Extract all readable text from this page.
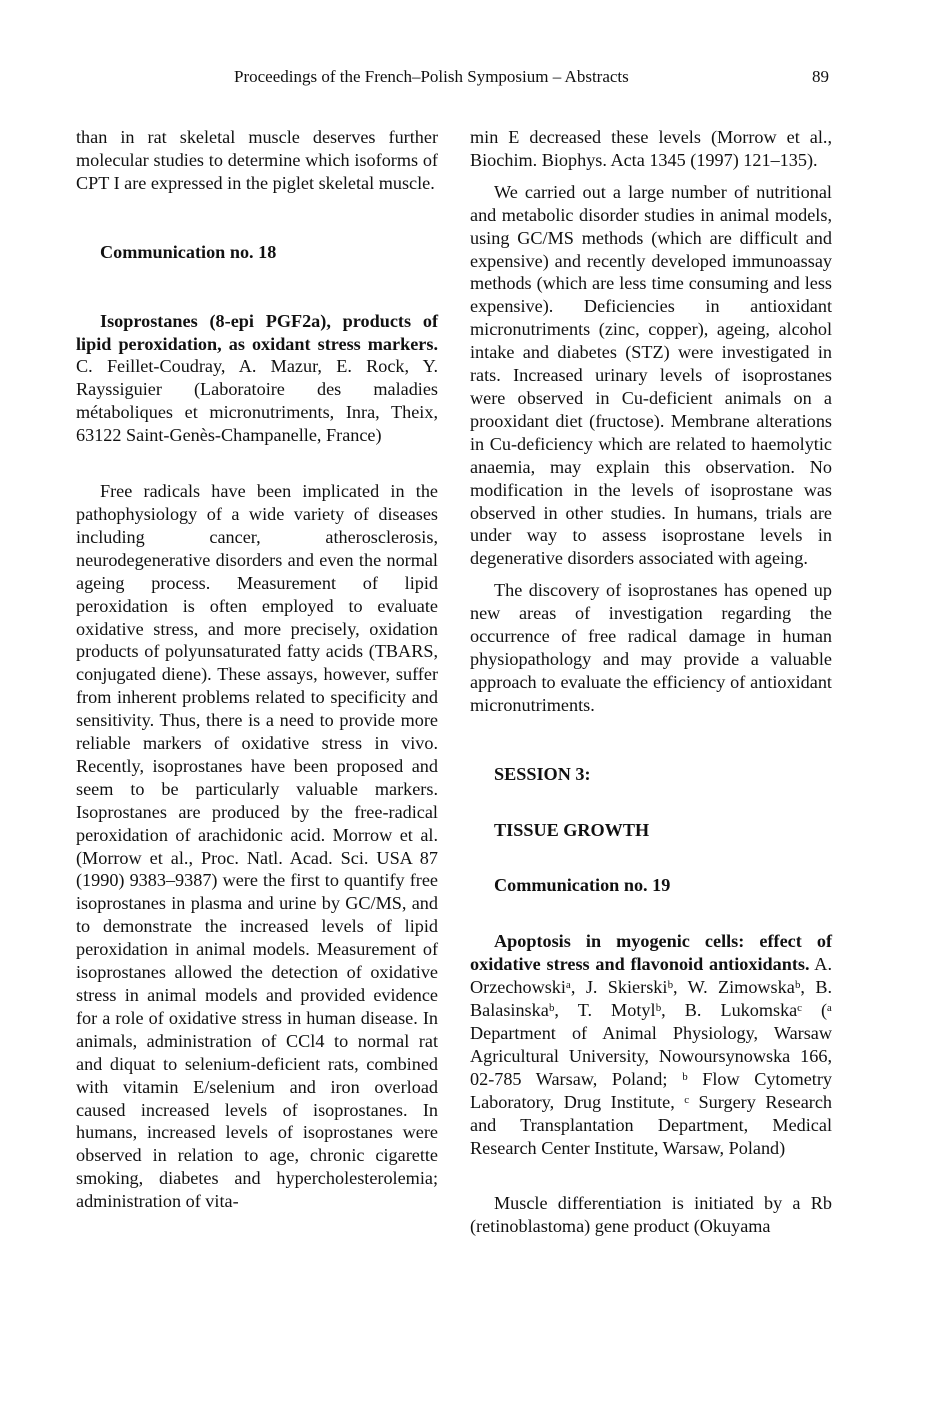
Proceedings of the French–Polish Symposium – Abstracts	89

than in rat skeletal muscle deserves further molecular studies to determine which isoforms of CPT I are expressed in the piglet skeletal muscle.

Communication no. 18

Isoprostanes (8-epi PGF2a), products of lipid peroxidation, as oxidant stress markers. C. Feillet-Coudray, A. Mazur, E. Rock, Y. Rayssiguier (Laboratoire des maladies métaboliques et micronutriments, Inra, Theix, 63122 Saint-Genès-Champanelle, France)

Free radicals have been implicated in the pathophysiology of a wide variety of diseases including cancer, atherosclerosis, neurodegenerative disorders and even the normal ageing process. Measurement of lipid peroxidation is often employed to evaluate oxidative stress, and more precisely, oxidation products of polyunsaturated fatty acids (TBARS, conjugated diene). These assays, however, suffer from inherent problems related to specificity and sensitivity. Thus, there is a need to provide more reliable markers of oxidative stress in vivo. Recently, isoprostanes have been proposed and seem to be particularly valuable markers. Isoprostanes are produced by the free-radical peroxidation of arachidonic acid. Morrow et al. (Morrow et al., Proc. Natl. Acad. Sci. USA 87 (1990) 9383–9387) were the first to quantify free isoprostanes in plasma and urine by GC/MS, and to demonstrate the increased levels of lipid peroxidation in animal models. Measurement of isoprostanes allowed the detection of oxidative stress in animal models and provided evidence for a role of oxidative stress in human disease. In animals, administration of CCl4 to normal rat and diquat to selenium-deficient rats, combined with vitamin E/selenium and iron overload caused increased levels of isoprostanes. In humans, increased levels of isoprostanes were observed in relation to age, chronic cigarette smoking, diabetes and hypercholesterolemia; administration of vita-

min E decreased these levels (Morrow et al., Biochim. Biophys. Acta 1345 (1997) 121–135).

We carried out a large number of nutritional and metabolic disorder studies in animal models, using GC/MS methods (which are difficult and expensive) and recently developed immunoassay methods (which are less time consuming and less expensive). Deficiencies in antioxidant micronutriments (zinc, copper), ageing, alcohol intake and diabetes (STZ) were investigated in rats. Increased urinary levels of isoprostanes were observed in Cu-deficient animals on a prooxidant diet (fructose). Membrane alterations in Cu-deficiency which are related to haemolytic anaemia, may explain this observation. No modification in the levels of isoprostane was observed in other studies. In humans, trials are under way to assess isoprostane levels in degenerative disorders associated with ageing.

The discovery of isoprostanes has opened up new areas of investigation regarding the occurrence of free radical damage in human physiopathology and may provide a valuable approach to evaluate the efficiency of antioxidant micronutriments.

SESSION 3:

TISSUE GROWTH

Communication no. 19

Apoptosis in myogenic cells: effect of oxidative stress and flavonoid antioxidants. A. Orzechowskiᵃ, J. Skierskiᵇ, W. Zimowskaᵇ, B. Balasinskaᵇ, T. Motylᵇ, B. Lukomskaᶜ (ᵃ Department of Animal Physiology, Warsaw Agricultural University, Nowoursynowska 166, 02-785 Warsaw, Poland; ᵇ Flow Cytometry Laboratory, Drug Institute, ᶜ Surgery Research and Transplantation Department, Medical Research Center Institute, Warsaw, Poland)

Muscle differentiation is initiated by a Rb (retinoblastoma) gene product (Okuyama
